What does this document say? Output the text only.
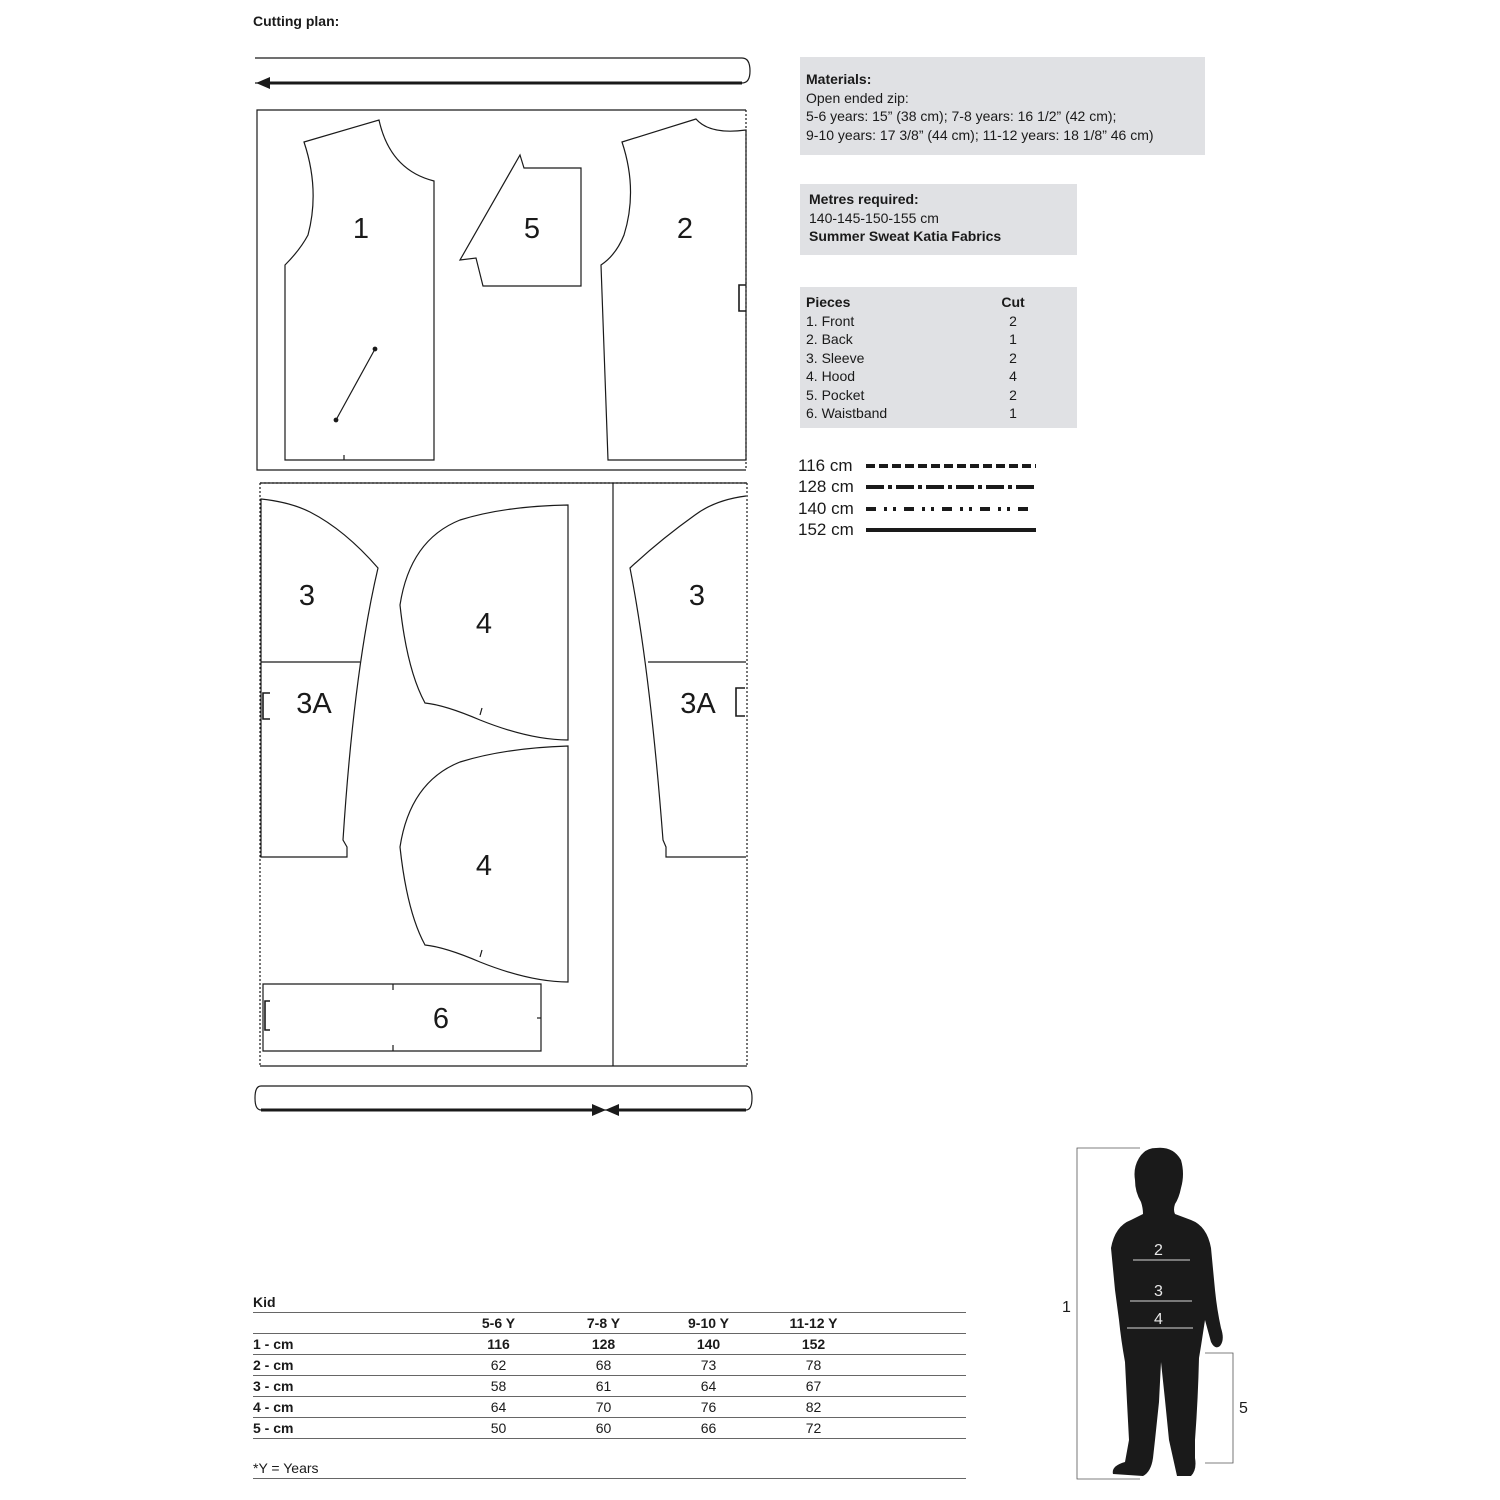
Cutting plan:
1	5	2
3
4
3
3A	3A
4
6
Materials:
Open ended zip:
5-6 years: 15” (38 cm); 7-8 years: 16 1/2” (42 cm);
9-10 years: 17 3/8” (44 cm); 11-12 years: 18 1/8” 46 cm)
Metres required:
140-145-150-155 cm
Summer Sweat Katia Fabrics
Pieces	Cut
1. Front	2
2. Back	1
3. Sleeve	2
4. Hood	4
5. Pocket	2
6. Waistband	1
116 cm
128 cm
140 cm
152 cm
Kid
	5-6 Y	7-8 Y	9-10 Y	11-12 Y	
1 - cm	116	128	140	152	
2 - cm	62	68	73	78	
3 - cm	58	61	64	67	
4 - cm	64	70	76	82	
5 - cm	50	60	66	72	
*Y = Years
1
2
3
4
5
